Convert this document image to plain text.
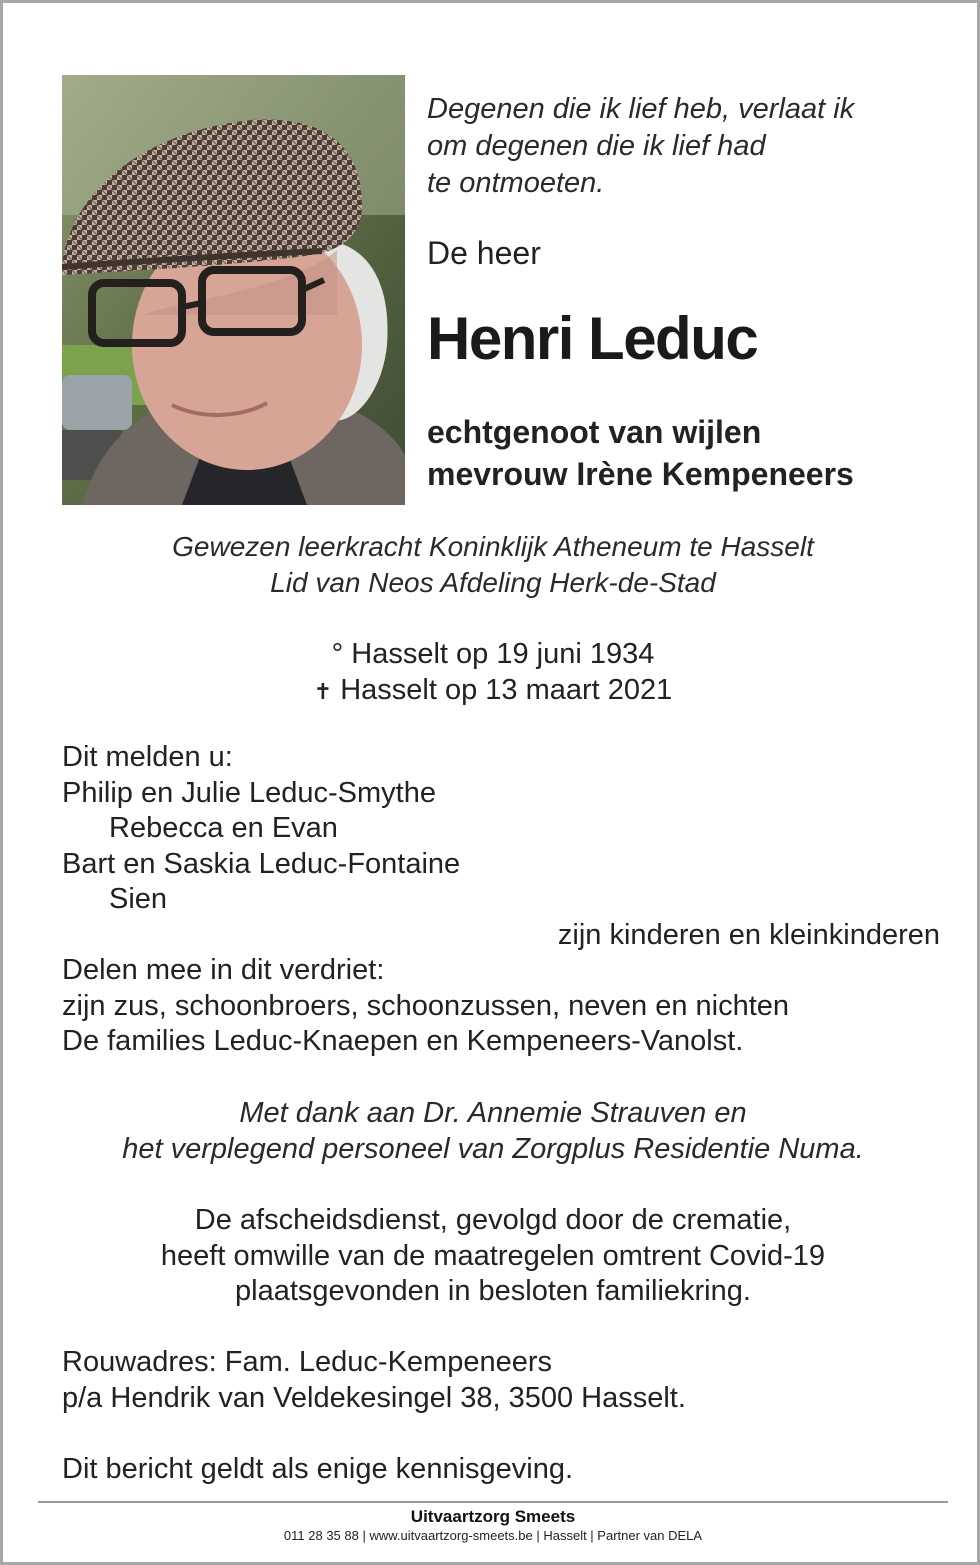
Degenen die ik lief heb, verlaat ik
om degenen die ik lief had
te ontmoeten.
De heer
Henri Leduc
echtgenoot van wijlen
mevrouw Irène Kempeneers
Gewezen leerkracht Koninklijk Atheneum te Hasselt
Lid van Neos Afdeling Herk-de-Stad
° Hasselt op 19 juni 1934
✝ Hasselt op 13 maart 2021
Dit melden u:
Philip en Julie Leduc-Smythe
Rebecca en Evan
Bart en Saskia Leduc-Fontaine
Sien
zijn kinderen en kleinkinderen
Delen mee in dit verdriet:
zijn zus, schoonbroers, schoonzussen, neven en nichten
De families Leduc-Knaepen en Kempeneers-Vanolst.
Met dank aan Dr. Annemie Strauven en
het verplegend personeel van Zorgplus Residentie Numa.
De afscheidsdienst, gevolgd door de crematie,
heeft omwille van de maatregelen omtrent Covid-19
plaatsgevonden in besloten familiekring.
Rouwadres: Fam. Leduc-Kempeneers
p/a Hendrik van Veldekesingel 38, 3500 Hasselt.
Dit bericht geldt als enige kennisgeving.
Uitvaartzorg Smeets
011 28 35 88 | www.uitvaartzorg-smeets.be | Hasselt | Partner van DELA
